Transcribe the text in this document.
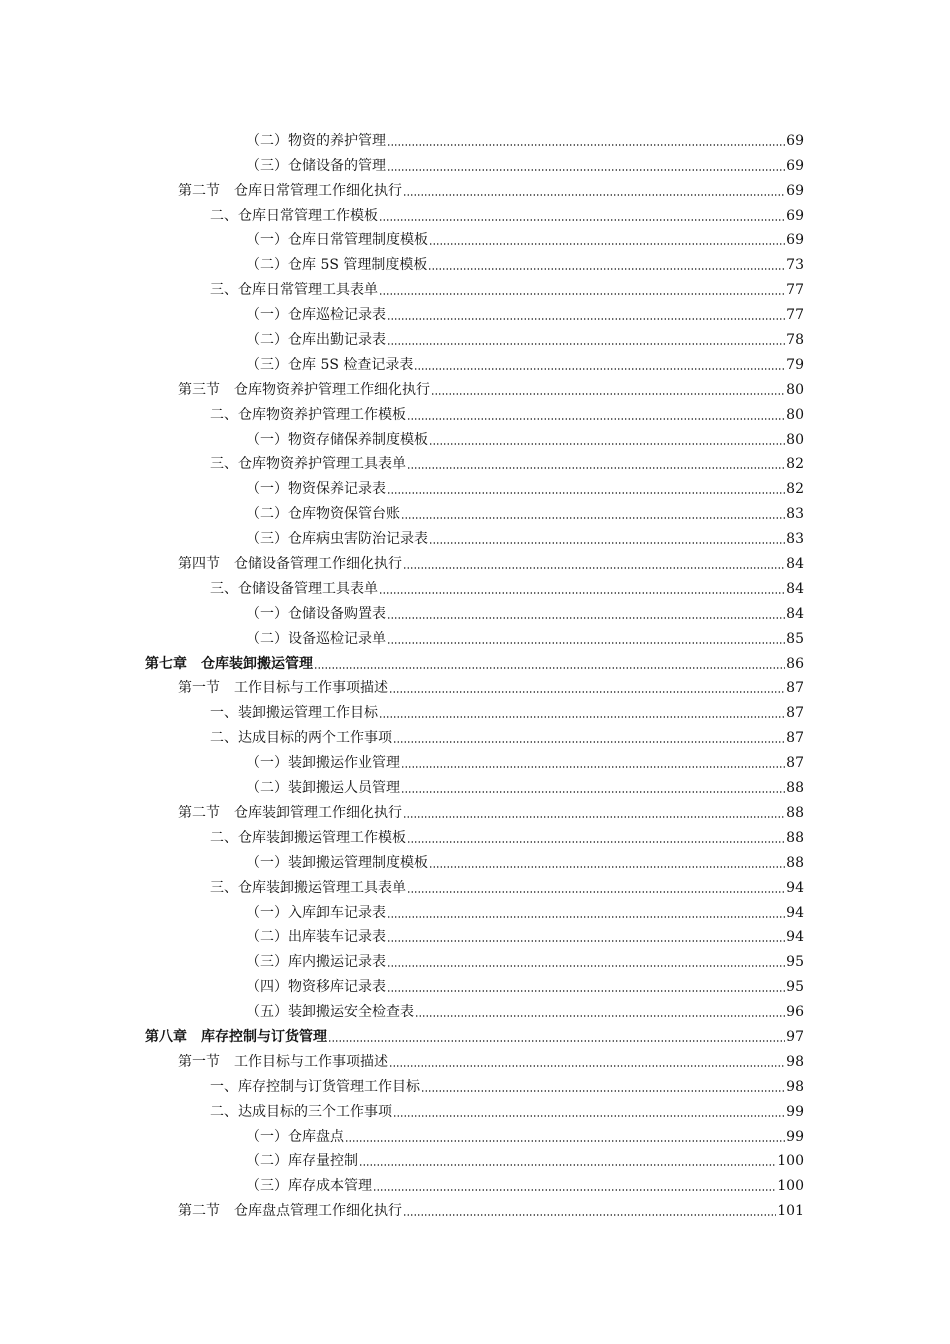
（二）物资的养护管理	69
（三）仓储设备的管理	69
第二节　仓库日常管理工作细化执行	69
二、仓库日常管理工作模板	69
（一）仓库日常管理制度模板	69
（二）仓库 5S 管理制度模板	73
三、仓库日常管理工具表单	77
（一）仓库巡检记录表	77
（二）仓库出勤记录表	78
（三）仓库 5S 检查记录表	79
第三节　仓库物资养护管理工作细化执行	80
二、仓库物资养护管理工作模板	80
（一）物资存储保养制度模板	80
三、仓库物资养护管理工具表单	82
（一）物资保养记录表	82
（二）仓库物资保管台账	83
（三）仓库病虫害防治记录表	83
第四节　仓储设备管理工作细化执行	84
三、仓储设备管理工具表单	84
（一）仓储设备购置表	84
（二）设备巡检记录单	85
第七章　仓库装卸搬运管理	86
第一节　工作目标与工作事项描述	87
一、装卸搬运管理工作目标	87
二、达成目标的两个工作事项	87
（一）装卸搬运作业管理	87
（二）装卸搬运人员管理	88
第二节　仓库装卸管理工作细化执行	88
二、仓库装卸搬运管理工作模板	88
（一）装卸搬运管理制度模板	88
三、仓库装卸搬运管理工具表单	94
（一）入库卸车记录表	94
（二）出库装车记录表	94
（三）库内搬运记录表	95
（四）物资移库记录表	95
（五）装卸搬运安全检查表	96
第八章　库存控制与订货管理	97
第一节　工作目标与工作事项描述	98
一、库存控制与订货管理工作目标	98
二、达成目标的三个工作事项	99
（一）仓库盘点	99
（二）库存量控制	100
（三）库存成本管理	100
第二节　仓库盘点管理工作细化执行	101
